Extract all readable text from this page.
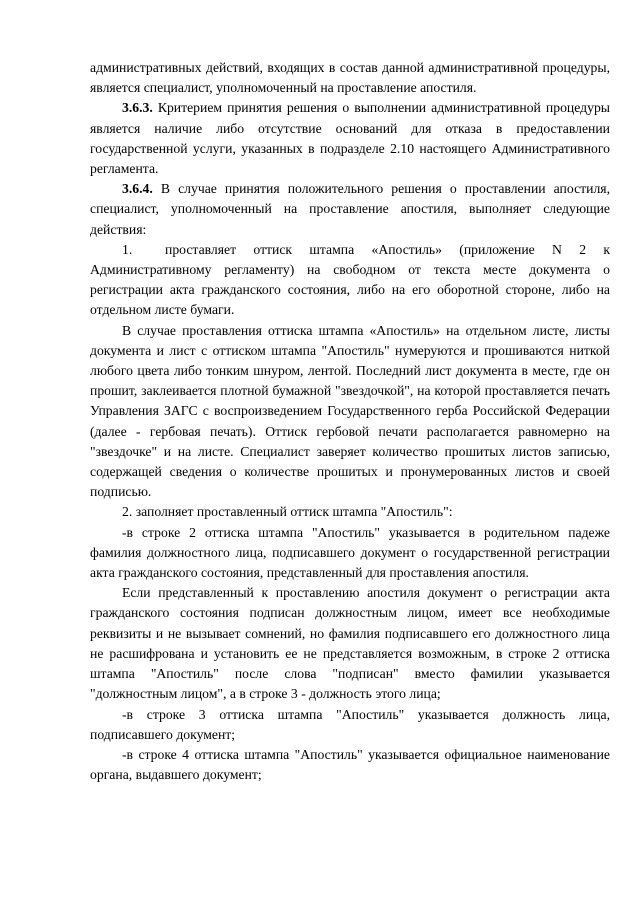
административных действий, входящих в состав данной административной процедуры, является специалист, уполномоченный на проставление апостиля.

3.6.3. Критерием принятия решения о выполнении административной процедуры является наличие либо отсутствие оснований для отказа в предоставлении государственной услуги, указанных в подразделе 2.10 настоящего Административного регламента.

3.6.4. В случае принятия положительного решения о проставлении апостиля, специалист, уполномоченный на проставление апостиля, выполняет следующие действия:

1. проставляет оттиск штампа «Апостиль» (приложение N 2 к Административному регламенту) на свободном от текста месте документа о регистрации акта гражданского состояния, либо на его оборотной стороне, либо на отдельном листе бумаги.

В случае проставления оттиска штампа «Апостиль» на отдельном листе, листы документа и лист с оттиском штампа "Апостиль" нумеруются и прошиваются ниткой любого цвета либо тонким шнуром, лентой. Последний лист документа в месте, где он прошит, заклеивается плотной бумажной "звездочкой", на которой проставляется печать Управления ЗАГС с воспроизведением Государственного герба Российской Федерации (далее - гербовая печать). Оттиск гербовой печати располагается равномерно на "звездочке" и на листе. Специалист заверяет количество прошитых листов записью, содержащей сведения о количестве прошитых и пронумерованных листов и своей подписью.

2. заполняет проставленный оттиск штампа "Апостиль":

-в строке 2 оттиска штампа "Апостиль" указывается в родительном падеже фамилия должностного лица, подписавшего документ о государственной регистрации акта гражданского состояния, представленный для проставления апостиля.

Если представленный к проставлению апостиля документ о регистрации акта гражданского состояния подписан должностным лицом, имеет все необходимые реквизиты и не вызывает сомнений, но фамилия подписавшего его должностного лица не расшифрована и установить ее не представляется возможным, в строке 2 оттиска штампа "Апостиль" после слова "подписан" вместо фамилии указывается "должностным лицом", а в строке 3 - должность этого лица;

-в строке 3 оттиска штампа "Апостиль" указывается должность лица, подписавшего документ;

-в строке 4 оттиска штампа "Апостиль" указывается официальное наименование органа, выдавшего документ;
